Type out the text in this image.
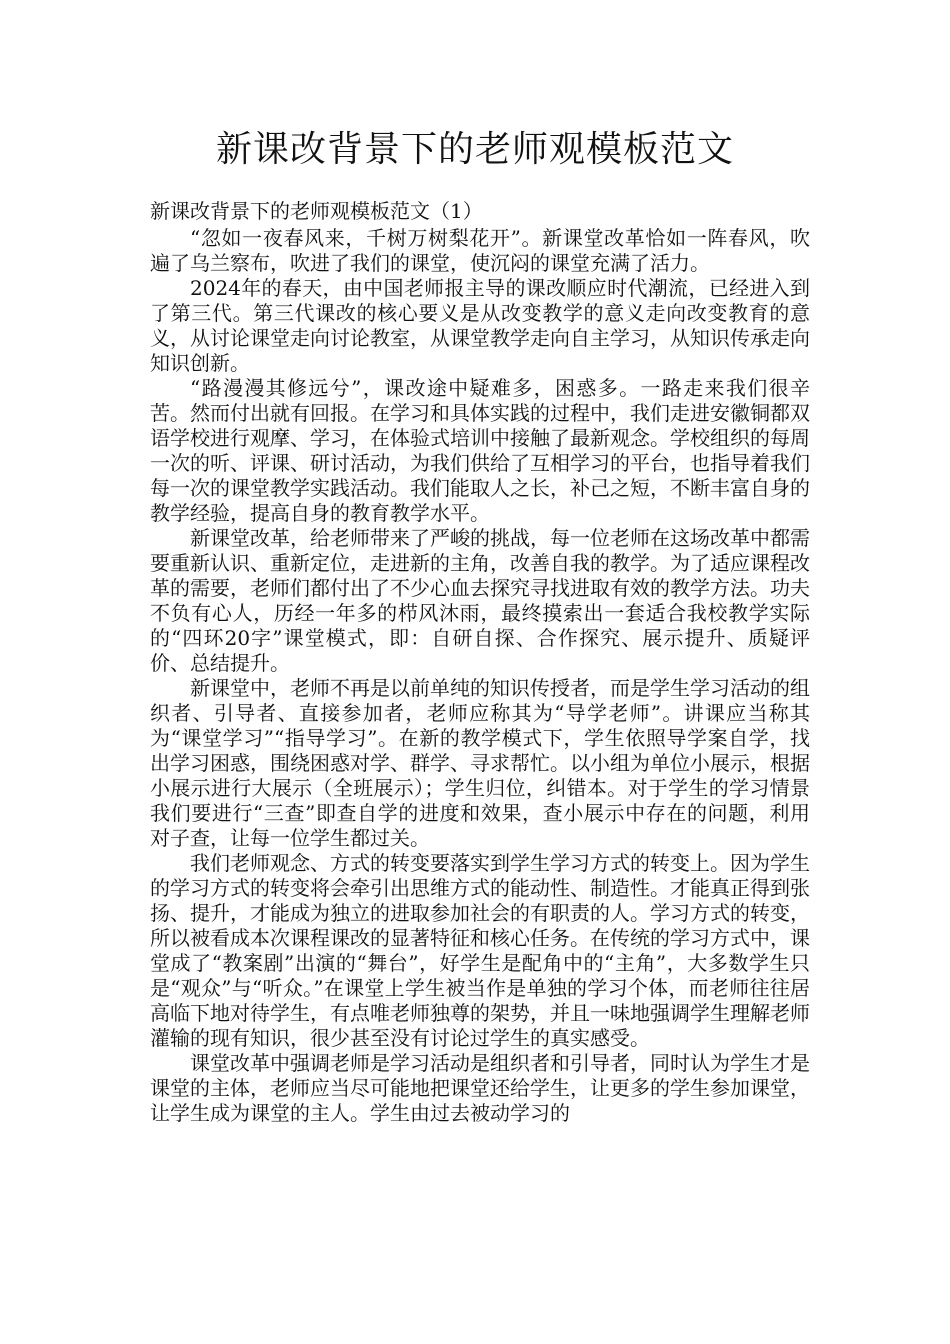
新课改背景下的老师观模板范文
新课改背景下的老师观模板范文（1）

“忽如一夜春风来，千树万树梨花开”。新课堂改革恰如一阵春风，吹遍了乌兰察布，吹进了我们的课堂，使沉闷的课堂充满了活力。

2024年的春天，由中国老师报主导的课改顺应时代潮流，已经进入到了第三代。第三代课改的核心要义是从改变教学的意义走向改变教育的意义，从讨论课堂走向讨论教室，从课堂教学走向自主学习，从知识传承走向知识创新。

“路漫漫其修远兮”，课改途中疑难多，困惑多。一路走来我们很辛苦。然而付出就有回报。在学习和具体实践的过程中，我们走进安徽铜都双语学校进行观摩、学习，在体验式培训中接触了最新观念。学校组织的每周一次的听、评课、研讨活动，为我们供给了互相学习的平台，也指导着我们每一次的课堂教学实践活动。我们能取人之长，补己之短，不断丰富自身的教学经验，提高自身的教育教学水平。

新课堂改革，给老师带来了严峻的挑战，每一位老师在这场改革中都需要重新认识、重新定位，走进新的主角，改善自我的教学。为了适应课程改革的需要，老师们都付出了不少心血去探究寻找进取有效的教学方法。功夫不负有心人，历经一年多的栉风沐雨，最终摸索出一套适合我校教学实际的“四环20字”课堂模式，即：自研自探、合作探究、展示提升、质疑评价、总结提升。

新课堂中，老师不再是以前单纯的知识传授者，而是学生学习活动的组织者、引导者、直接参加者，老师应称其为“导学老师”。讲课应当称其为“课堂学习”“指导学习”。在新的教学模式下，学生依照导学案自学，找出学习困惑，围绕困惑对学、群学、寻求帮忙。以小组为单位小展示，根据小展示进行大展示（全班展示）；学生归位，纠错本。对于学生的学习情景我们要进行“三查”即查自学的进度和效果，查小展示中存在的问题，利用对子查，让每一位学生都过关。

我们老师观念、方式的转变要落实到学生学习方式的转变上。因为学生的学习方式的转变将会牵引出思维方式的能动性、制造性。才能真正得到张扬、提升，才能成为独立的进取参加社会的有职责的人。学习方式的转变，所以被看成本次课程课改的显著特征和核心任务。在传统的学习方式中，课堂成了“教案剧”出演的“舞台”，好学生是配角中的“主角”，大多数学生只是“观众”与“听众。”在课堂上学生被当作是单独的学习个体，而老师往往居高临下地对待学生，有点唯老师独尊的架势，并且一味地强调学生理解老师灌输的现有知识，很少甚至没有讨论过学生的真实感受。

课堂改革中强调老师是学习活动是组织者和引导者，同时认为学生才是课堂的主体，老师应当尽可能地把课堂还给学生，让更多的学生参加课堂，让学生成为课堂的主人。学生由过去被动学习的
